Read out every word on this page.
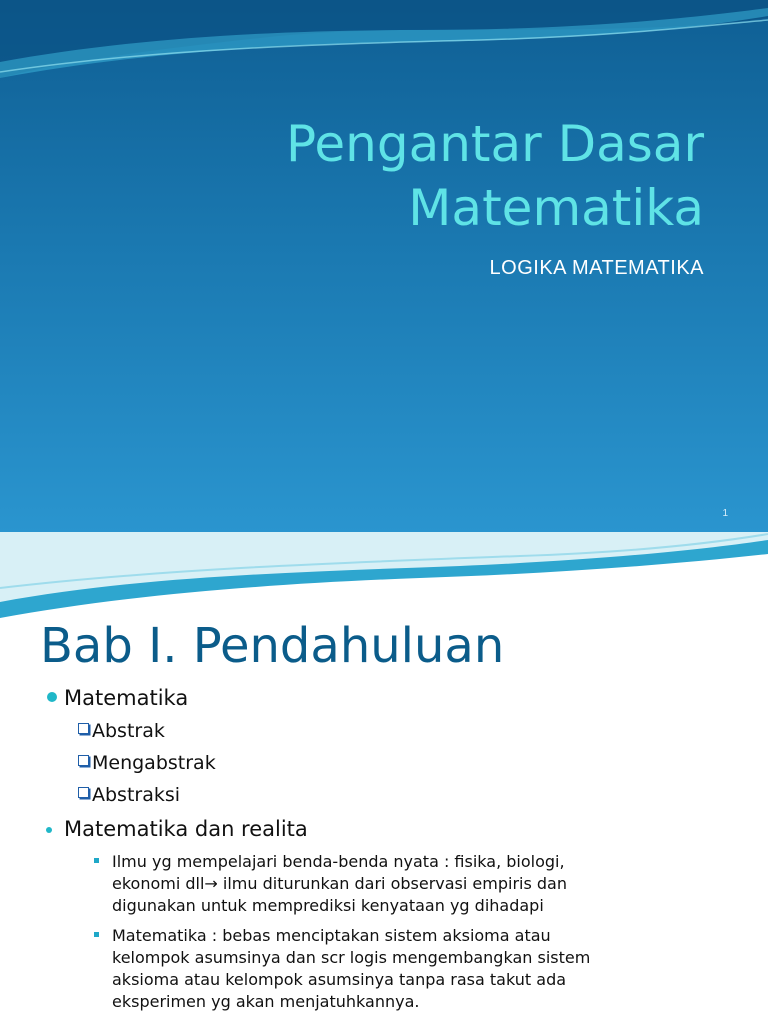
Pengantar Dasar
Matematika
LOGIKA MATEMATIKA
1
Bab I. Pendahuluan
Matematika
Abstrak
Mengabstrak
Abstraksi
Matematika dan realita
Ilmu yg mempelajari benda-benda nyata : fisika, biologi,
ekonomi dll→ ilmu diturunkan dari observasi empiris dan
digunakan untuk memprediksi kenyataan yg dihadapi
Matematika : bebas menciptakan sistem aksioma atau
kelompok asumsinya dan scr logis mengembangkan sistem
aksioma atau kelompok asumsinya tanpa rasa takut ada
eksperimen yg akan menjatuhkannya.
